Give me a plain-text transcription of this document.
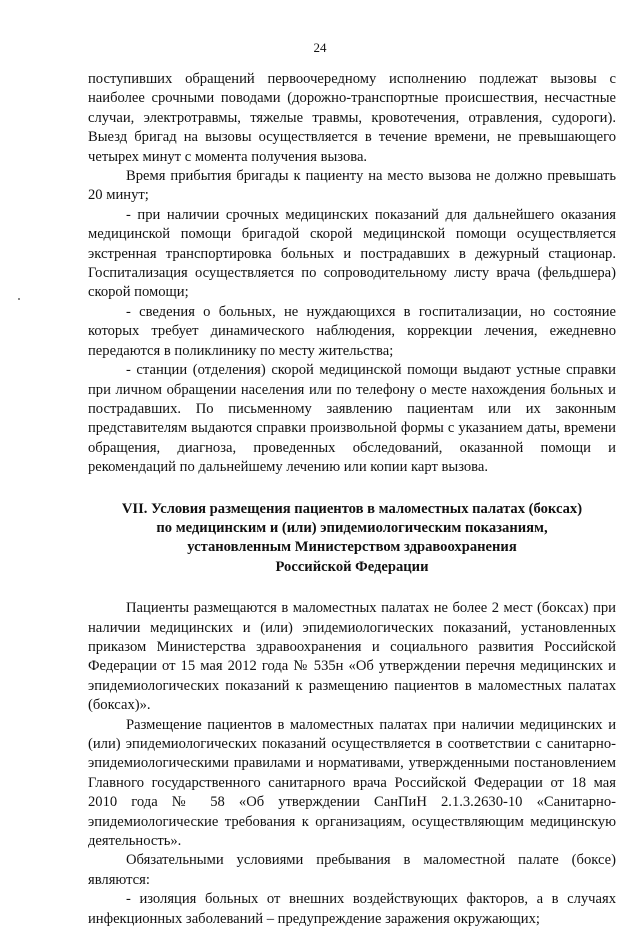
24

поступивших обращений первоочередному исполнению подлежат вызовы с наиболее срочными поводами (дорожно-транспортные происшествия, несчастные случаи, электротравмы, тяжелые травмы, кровотечения, отравления, судороги). Выезд бригад на вызовы осуществляется в течение времени, не превышающего четырех минут с момента получения вызова.

Время прибытия бригады к пациенту на место вызова не должно превышать 20 минут;

- при наличии срочных медицинских показаний для дальнейшего оказания медицинской помощи бригадой скорой медицинской помощи осуществляется экстренная транспортировка больных и пострадавших в дежурный стационар. Госпитализация осуществляется по сопроводительному листу врача (фельдшера) скорой помощи;

- сведения о больных, не нуждающихся в госпитализации, но состояние которых требует динамического наблюдения, коррекции лечения, ежедневно передаются в поликлинику по месту жительства;

- станции (отделения) скорой медицинской помощи выдают устные справки при личном обращении населения или по телефону о месте нахождения больных и пострадавших. По письменному заявлению пациентам или их законным представителям выдаются справки произвольной формы с указанием даты, времени обращения, диагноза, проведенных обследований, оказанной помощи и рекомендаций по дальнейшему лечению или копии карт вызова.

VII. Условия размещения пациентов в маломестных палатах (боксах)
по медицинским и (или) эпидемиологическим показаниям,
установленным Министерством здравоохранения
Российской Федерации

Пациенты размещаются в маломестных палатах не более 2 мест (боксах) при наличии медицинских и (или) эпидемиологических показаний, установленных приказом Министерства здравоохранения и социального развития Российской Федерации от 15 мая 2012 года № 535н «Об утверждении перечня медицинских и эпидемиологических показаний к размещению пациентов в маломестных палатах (боксах)».

Размещение пациентов в маломестных палатах при наличии медицинских и (или) эпидемиологических показаний осуществляется в соответствии с санитарно-эпидемиологическими правилами и нормативами, утвержденными постановлением Главного государственного санитарного врача Российской Федерации от 18 мая 2010 года № 58 «Об утверждении СанПиН 2.1.3.2630-10 «Санитарно-эпидемиологические требования к организациям, осуществляющим медицинскую деятельность».

Обязательными условиями пребывания в маломестной палате (боксе) являются:

- изоляция больных от внешних воздействующих факторов, а в случаях инфекционных заболеваний – предупреждение заражения окружающих;
